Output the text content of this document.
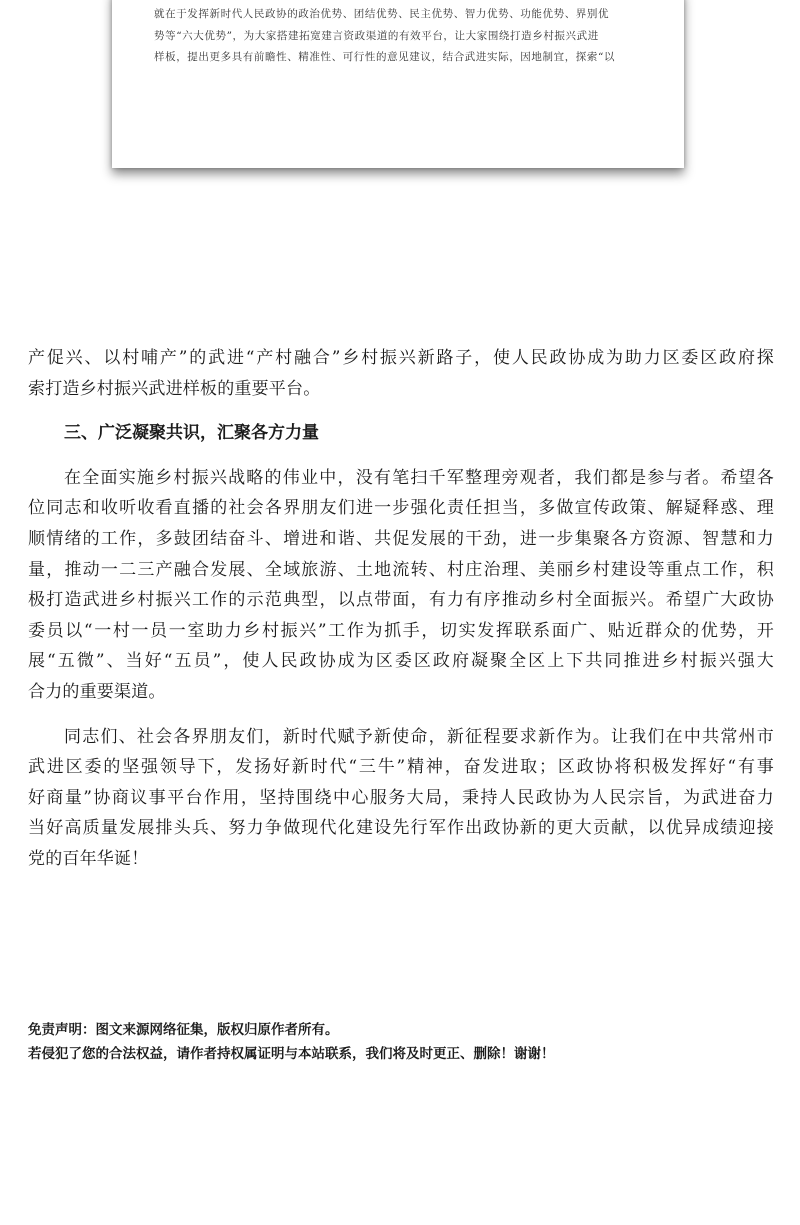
就在于发挥新时代人民政协的政治优势、团结优势、民主优势、智力优势、功能优势、界别优
势等“六大优势”，为大家搭建拓宽建言资政渠道的有效平台，让大家围绕打造乡村振兴武进
样板，提出更多具有前瞻性、精准性、可行性的意见建议，结合武进实际，因地制宜，探索“以
产促兴、以村哺产”的武进“产村融合”乡村振兴新路子，使人民政协成为助力区委区政府探
索打造乡村振兴武进样板的重要平台。
三、广泛凝聚共识，汇聚各方力量
在全面实施乡村振兴战略的伟业中，没有笔扫千军整理旁观者，我们都是参与者。希望各
位同志和收听收看直播的社会各界朋友们进一步强化责任担当，多做宣传政策、解疑释惑、理
顺情绪的工作，多鼓团结奋斗、增进和谐、共促发展的干劲，进一步集聚各方资源、智慧和力
量，推动一二三产融合发展、全域旅游、土地流转、村庄治理、美丽乡村建设等重点工作，积
极打造武进乡村振兴工作的示范典型，以点带面，有力有序推动乡村全面振兴。希望广大政协
委员以“一村一员一室助力乡村振兴”工作为抓手，切实发挥联系面广、贴近群众的优势，开
展“五微”、当好“五员”，使人民政协成为区委区政府凝聚全区上下共同推进乡村振兴强大
合力的重要渠道。
同志们、社会各界朋友们，新时代赋予新使命，新征程要求新作为。让我们在中共常州市
武进区委的坚强领导下，发扬好新时代“三牛”精神，奋发进取；区政协将积极发挥好“有事
好商量”协商议事平台作用，坚持围绕中心服务大局，秉持人民政协为人民宗旨，为武进奋力
当好高质量发展排头兵、努力争做现代化建设先行军作出政协新的更大贡献，以优异成绩迎接
党的百年华诞！
免责声明：图文来源网络征集，版权归原作者所有。
若侵犯了您的合法权益，请作者持权属证明与本站联系，我们将及时更正、删除！谢谢！
